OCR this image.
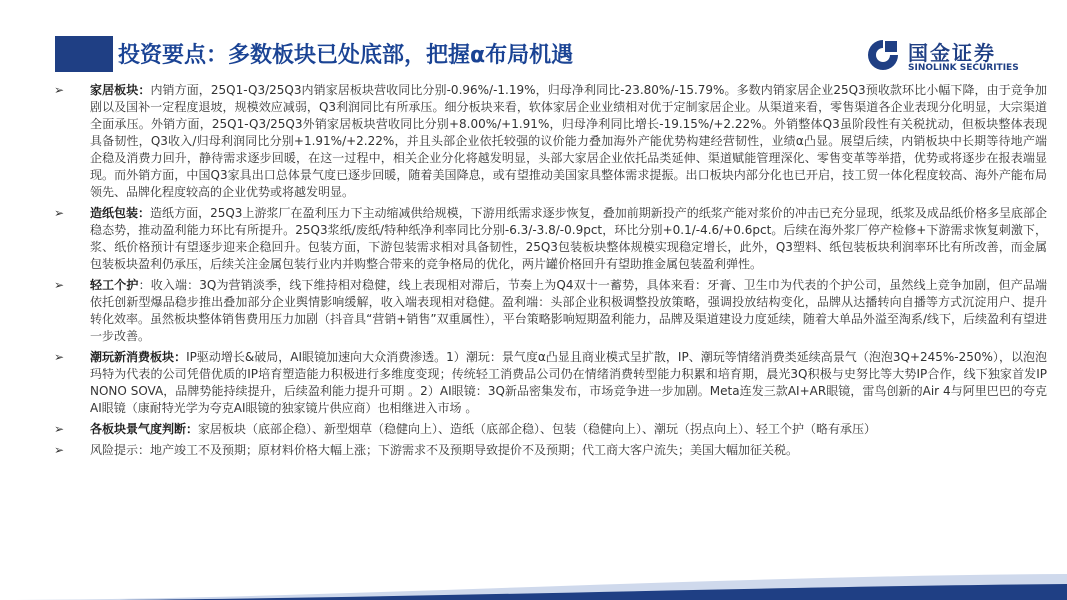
投资要点：多数板块已处底部，把握α布局机遇	国金证券
SINOLINK SECURITIES
➢	家居板块：内销方面，25Q1-Q3/25Q3内销家居板块营收同比分别-0.96%/-1.19%，归母净利同比-23.80%/-15.79%。多数内销家居企业25Q3预收款环比小幅下降，由于竞争加剧以及国补一定程度退坡，规模效应减弱，Q3利润同比有所承压。细分板块来看，软体家居企业业绩相对优于定制家居企业。从渠道来看，零售渠道各企业表现分化明显，大宗渠道全面承压。外销方面，25Q1-Q3/25Q3外销家居板块营收同比分别+8.00%/+1.91%，归母净利同比增长-19.15%/+2.22%。外销整体Q3虽阶段性有关税扰动，但板块整体表现具备韧性，Q3收入/归母利润同比分别+1.91%/+2.22%，并且头部企业依托较强的议价能力叠加海外产能优势构建经营韧性，业绩α凸显。展望后续，内销板块中长期等待地产端企稳及消费力回升，静待需求逐步回暖，在这一过程中，相关企业分化将越发明显，头部大家居企业依托品类延伸、渠道赋能管理深化、零售变革等举措，优势或将逐步在报表端显现。而外销方面，中国Q3家具出口总体景气度已逐步回暖，随着美国降息，或有望推动美国家具整体需求提振。出口板块内部分化也已开启，技工贸一体化程度较高、海外产能布局领先、品牌化程度较高的企业优势或将越发明显。
➢	造纸包装：造纸方面，25Q3上游浆厂在盈利压力下主动缩减供给规模，下游用纸需求逐步恢复，叠加前期新投产的纸浆产能对浆价的冲击已充分显现，纸浆及成品纸价格多呈底部企稳态势，推动盈利能力环比有所提升。25Q3浆纸/废纸/特种纸净利率同比分别-6.3/-3.8/-0.9pct，环比分别+0.1/-4.6/+0.6pct。后续在海外浆厂停产检修+下游需求恢复刺激下，浆、纸价格预计有望逐步迎来企稳回升。包装方面，下游包装需求相对具备韧性，25Q3包装板块整体规模实现稳定增长，此外，Q3塑料、纸包装板块利润率环比有所改善，而金属包装板块盈利仍承压，后续关注金属包装行业内并购整合带来的竞争格局的优化，两片罐价格回升有望助推金属包装盈利弹性。
➢	轻工个护：收入端：3Q为营销淡季，线下维持相对稳健，线上表现相对滞后，节奏上为Q4双十一蓄势，具体来看：牙膏、卫生巾为代表的个护公司，虽然线上竞争加剧，但产品端依托创新型爆品稳步推出叠加部分企业舆情影响缓解，收入端表现相对稳健。盈利端：头部企业积极调整投放策略，强调投放结构变化，品牌从达播转向自播等方式沉淀用户、提升转化效率。虽然板块整体销售费用压力加剧（抖音具“营销+销售”双重属性），平台策略影响短期盈利能力，品牌及渠道建设力度延续，随着大单品外溢至淘系/线下，后续盈利有望进一步改善。
➢	潮玩新消费板块：IP驱动增长&破局，AI眼镜加速向大众消费渗透。1）潮玩：景气度α凸显且商业模式呈扩散，IP、潮玩等情绪消费类延续高景气（泡泡3Q+245%-250%），以泡泡玛特为代表的公司凭借优质的IP培育塑造能力积极进行多维度变现；传统轻工消费品公司仍在情绪消费转型能力积累和培育期，晨光3Q积极与史努比等大势IP合作，线下独家首发IP NONO SOVA，品牌势能持续提升，后续盈利能力提升可期 。2）AI眼镜：3Q新品密集发布，市场竞争进一步加剧。Meta连发三款AI+AR眼镜，雷鸟创新的Air 4与阿里巴巴的夸克AI眼镜（康耐特光学为夸克AI眼镜的独家镜片供应商）也相继进入市场 。
➢	各板块景气度判断：家居板块（底部企稳）、新型烟草（稳健向上）、造纸（底部企稳）、包装（稳健向上）、潮玩（拐点向上）、轻工个护（略有承压）
➢	风险提示：地产竣工不及预期；原材料价格大幅上涨；下游需求不及预期导致提价不及预期；代工商大客户流失；美国大幅加征关税。
